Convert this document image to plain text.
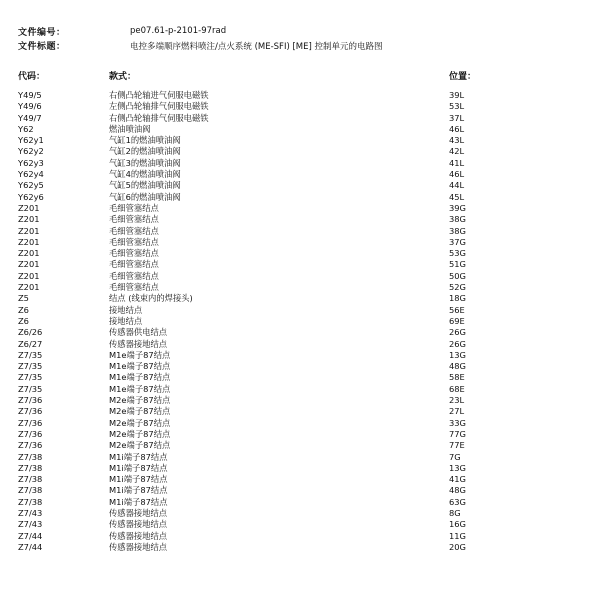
文件编号：	pe07.61-p-2101-97rad
文件标题：	电控多端顺序燃料喷注/点火系统 (ME-SFI) [ME] 控制单元的电路图
代码：	款式：	位置：
Y49/5	右侧凸轮轴进气伺服电磁铁	39L
Y49/6	左侧凸轮轴排气伺服电磁铁	53L
Y49/7	右侧凸轮轴排气伺服电磁铁	37L
Y62	燃油喷油阀	46L
Y62y1	气缸1的燃油喷油阀	43L
Y62y2	气缸2的燃油喷油阀	42L
Y62y3	气缸3的燃油喷油阀	41L
Y62y4	气缸4的燃油喷油阀	46L
Y62y5	气缸5的燃油喷油阀	44L
Y62y6	气缸6的燃油喷油阀	45L
Z201	毛细管塞结点	39G
Z201	毛细管塞结点	38G
Z201	毛细管塞结点	38G
Z201	毛细管塞结点	37G
Z201	毛细管塞结点	53G
Z201	毛细管塞结点	51G
Z201	毛细管塞结点	50G
Z201	毛细管塞结点	52G
Z5	结点 (线束内的焊接头)	18G
Z6	接地结点	56E
Z6	接地结点	69E
Z6/26	传感器供电结点	26G
Z6/27	传感器接地结点	26G
Z7/35	M1e端子87结点	13G
Z7/35	M1e端子87结点	48G
Z7/35	M1e端子87结点	58E
Z7/35	M1e端子87结点	68E
Z7/36	M2e端子87结点	23L
Z7/36	M2e端子87结点	27L
Z7/36	M2e端子87结点	33G
Z7/36	M2e端子87结点	77G
Z7/36	M2e端子87结点	77E
Z7/38	M1i端子87结点	7G
Z7/38	M1i端子87结点	13G
Z7/38	M1i端子87结点	41G
Z7/38	M1i端子87结点	48G
Z7/38	M1i端子87结点	63G
Z7/43	传感器接地结点	8G
Z7/43	传感器接地结点	16G
Z7/44	传感器接地结点	11G
Z7/44	传感器接地结点	20G
